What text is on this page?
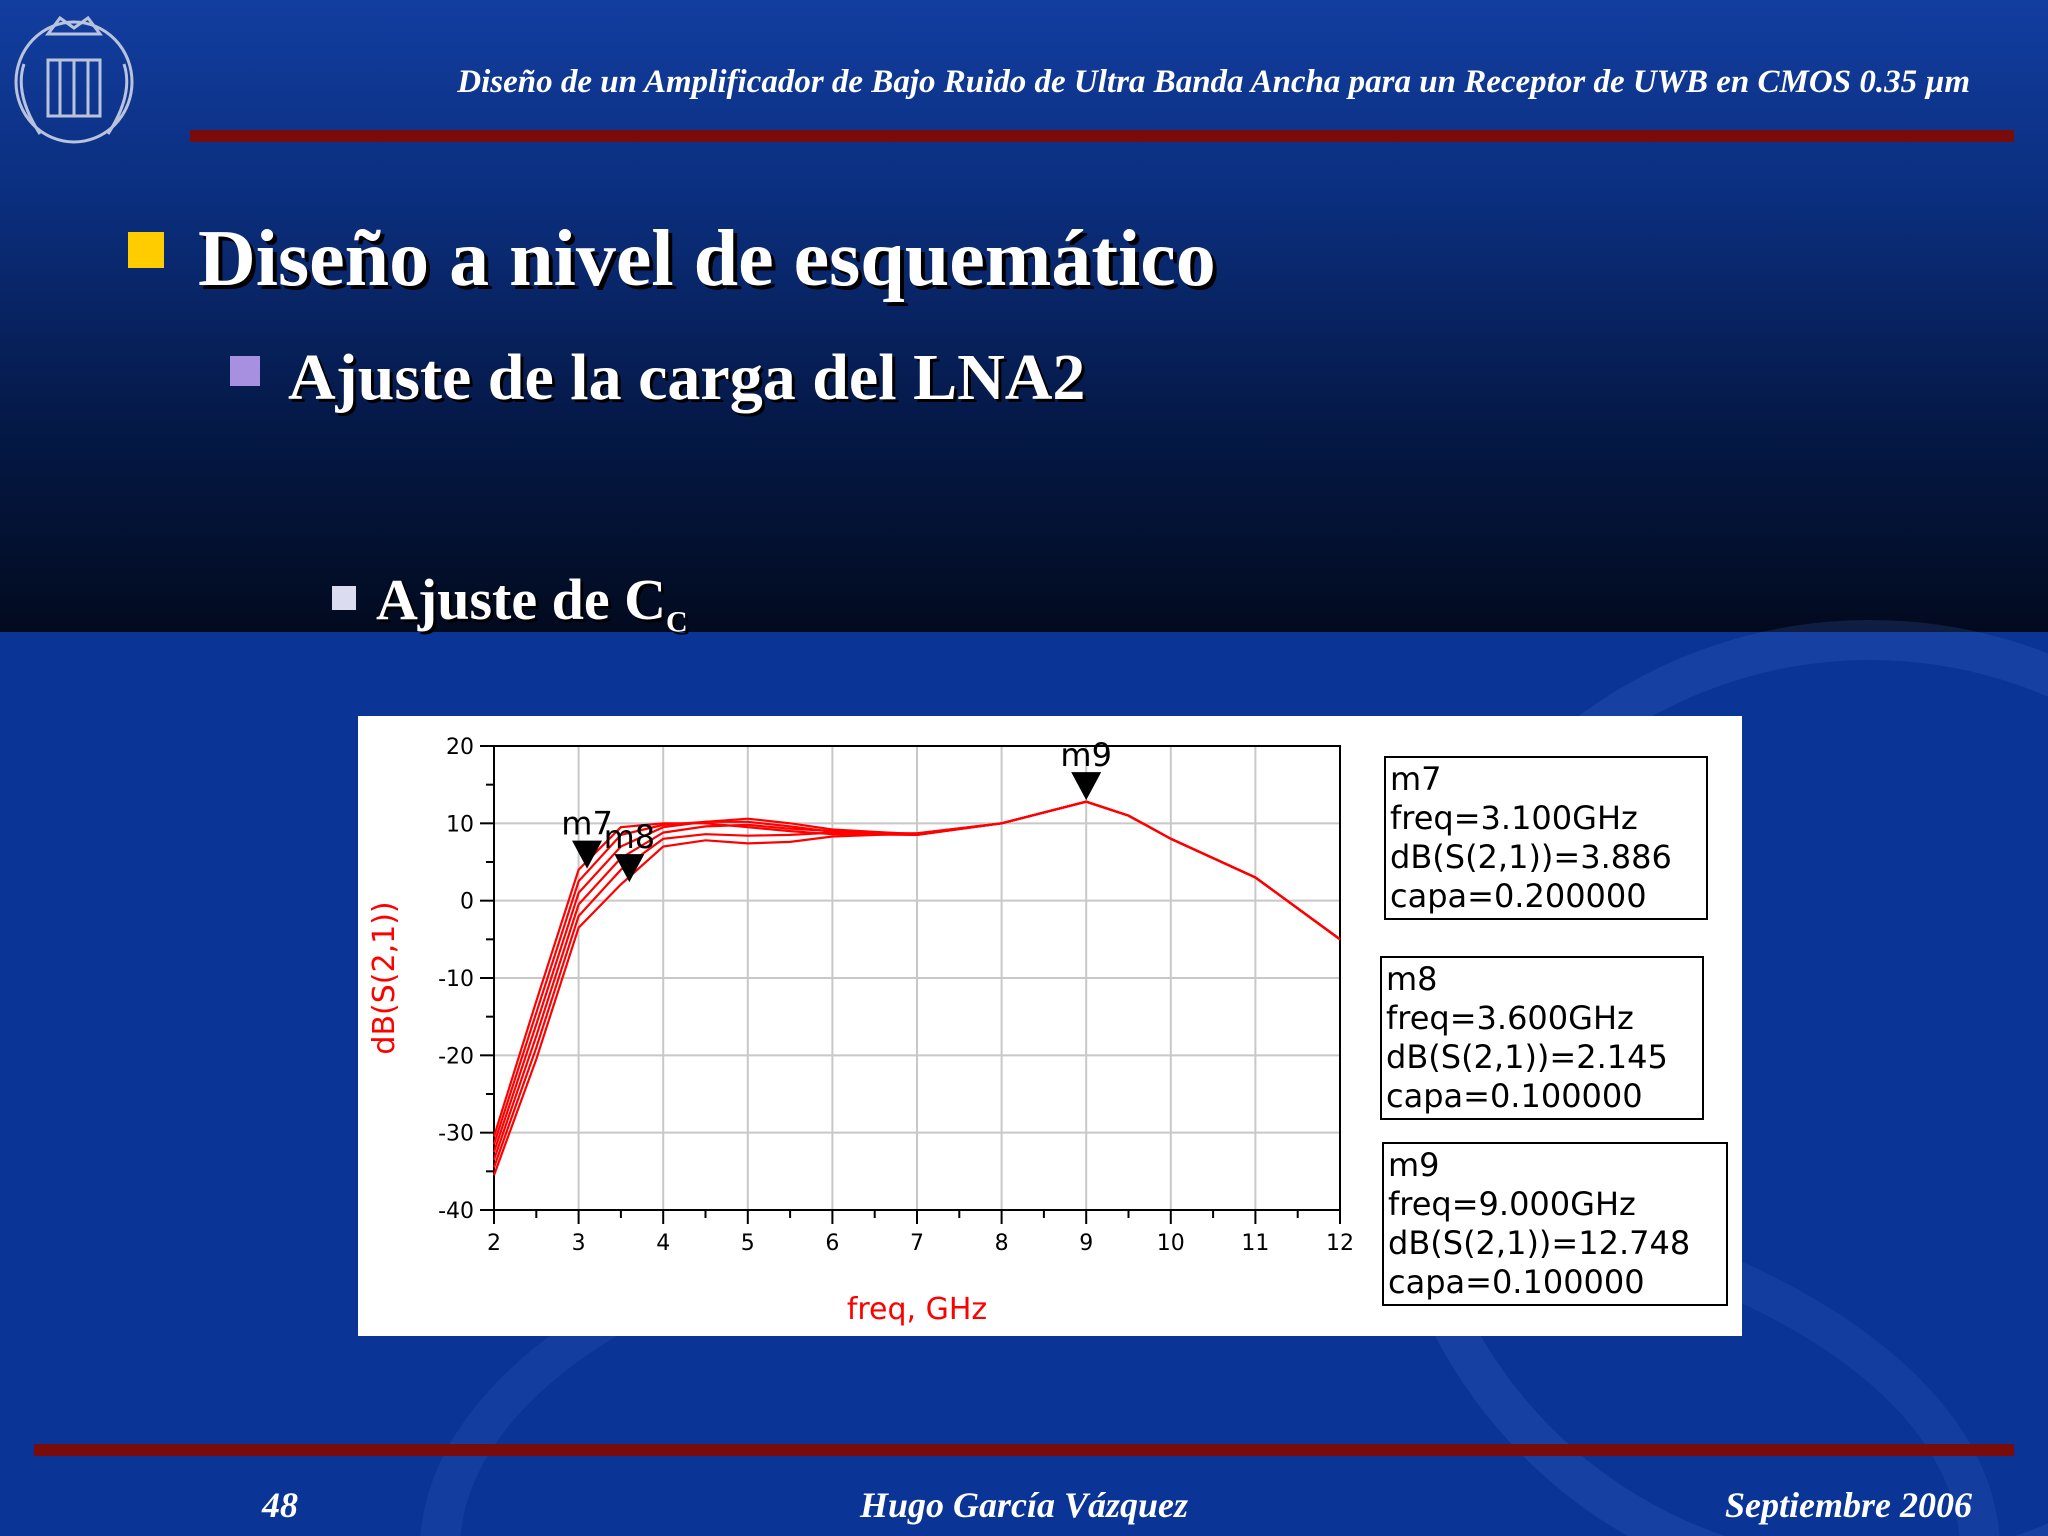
Diseño de un Amplificador de Bajo Ruido de Ultra Banda Ancha para un Receptor de UWB en CMOS 0.35 µm
Diseño a nivel de esquemático
Ajuste de la carga del LNA2
Ajuste de $C_C$
2	3	4	5	6	7	8	9	10	11	12
20
10
0
-10
-20
-30
-40
freq, GHz
dB(S(2,1))
m7
m8
m9
m7
freq=3.100GHz
dB(S(2,1))=3.886
capa=0.200000
m8
freq=3.600GHz
dB(S(2,1))=2.145
capa=0.100000
m9
freq=9.000GHz
dB(S(2,1))=12.748
capa=0.100000
48	Hugo García Vázquez	Septiembre 2006
